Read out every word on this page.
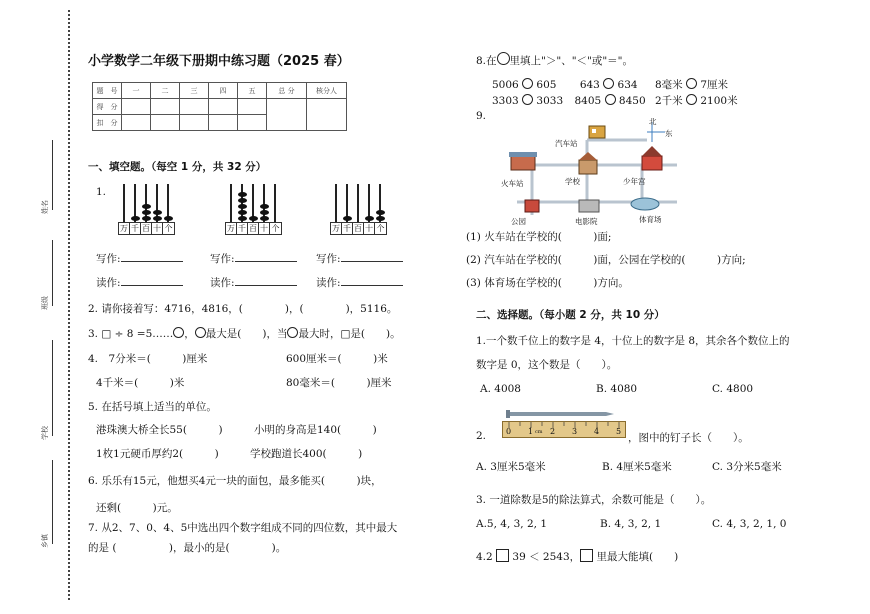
姓名
班级
学校
乡镇
小学数学二年级下册期中练习题（2025 春）
题　号	一	二	三	四	五	总 分	核分人
得　分							
扣　分							
一、填空题。（每空 1 分，共 32 分）
1.
万 千 百 十 个	万 千 百 十 个	万 千 百 十 个
写作:	写作:	写作:
读作:	读作:	读作:
2. 请你接着写：4716，4816，(　　　　)，(　　　　)，5116。
3. □ ÷ 8 =5…… ， 最大是(　　)，当 最大时，□是(　　)。
4.　7分米＝(　　　)厘米	600厘米＝(　　　)米
4千米＝(　　　)米	80毫米＝(　　　)厘米
5. 在括号填上适当的单位。
港珠澳大桥全长55(　　　)	小明的身高是140(　　　)
1枚1元硬币厚约2(　　　)	学校跑道长400(　　　)
6. 乐乐有15元，他想买4元一块的面包，最多能买(　　　)块，
还剩(　　　)元。
7. 从2、7、0、4、5中选出四个数字组成不同的四位数，其中最大
的是 (　　　　　)，最小的是(　　　　)。
8.在 里填上"＞"、"＜"或"＝"。
5006 605 643 634 8毫米 7厘米
3303 3033 8405 8450 2千米 2100米
9.	北
东
汽车站
火车站	学校	少年宫
公园	电影院	体育场
(1) 火车站在学校的(　　　)面;
(2) 汽车站在学校的(　　　)面，公园在学校的(　　　)方向;
(3) 体育场在学校的(　　　)方向。
二、选择题。（每小题 2 分，共 10 分）
1.一个数千位上的数字是 4，十位上的数字是 8，其余各个数位上的
数字是 0，这个数是（　　）。
A. 4008	B. 4080	C. 4800
2. 0 1 cm 2 3 4 5
，图中的钉子长（　　）。
A. 3厘米5毫米	B. 4厘米5毫米	C. 3分米5毫米
3. 一道除数是5的除法算式，余数可能是（　　）。
A.5, 4, 3, 2, 1	B. 4, 3, 2, 1	C. 4, 3, 2, 1, 0
4.2 39 ＜ 2543， 里最大能填(　　)
